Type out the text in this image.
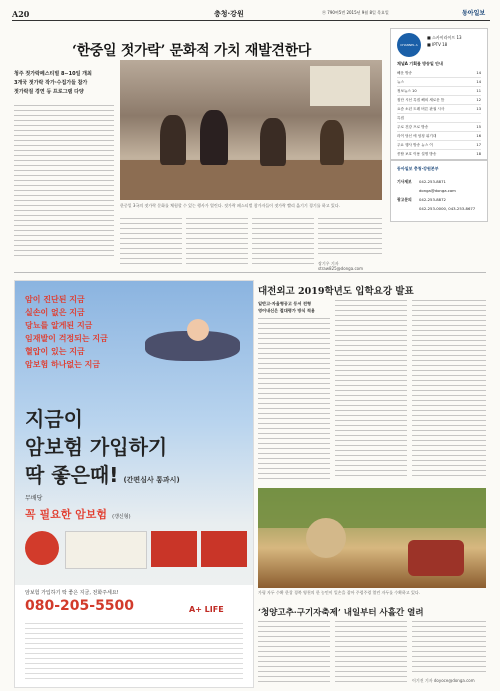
A20	충청·강원	ⓦ 790여5번 2015년 9월 8일 목요일	동아일보
‘한중일 젓가락’ 문화적 가치 재발견한다
청주 젓가락페스티벌 8∼10일 개최
3개국 젓가락 작가·수집가들 참가
젓가락질 경연 등 프로그램 다양
한중일 3국의 젓가락 문화를 체험할 수 있는 행사가 열린다. 젓가락 페스티벌 참가자들이 젓가락 빨리 옮기기 경기를 하고 있다.
장기우 기자 straw825@donga.com
CHANNEL A
■ 스카이라이프 13
■ IPTV 18
채널A 기획물 방송일 안내
해운 방송	14
뉴스	14
정보뉴스 10	11
집단 시선 특집 해외 새로운 틈	12
요즘 소년 트레 버튼 판권 시사	13
특집
주로 건강 프로 방송	15
라이 당신 에 엄청 위기대	16
주요 행사 방송 뉴스 이	17
종합 보호 이용 설명 방송	18
동아일보 충청·강원본부
기사제보 042-253-8871
donga@donga.com
광고문의 042-253-8872
042-253-0000, 043-253-8677
대전외고 2019학년도 입학요강 발표
일반고·자율형공고 등서 전형
영어내신은 절대평가 방식 적용
가평 자두 수확 한창 경북 영천의 한 농민이 일손을 잡아 주렁주렁 열린 자두를 수확하고 있다.
‘청양고추·구기자축제’ 내일부터 사흘간 열려
이기진 기자 doyoce@donga.com
암이 진단된 지금
실손이 없은 지금
당뇨를 알게된 지금
임재발이 걱정되는 지금
혈압이 있는 지금
암보험 하나없는 지금
지금이
암보험 가입하기
딱 좋은때! (간편심사 통과시)
무배당
꼭 필요한 암보험 (갱신형)
암보험 가입하기 딱 좋은 지금, 전화주세요!
080-205-5500	A+ LIFE
